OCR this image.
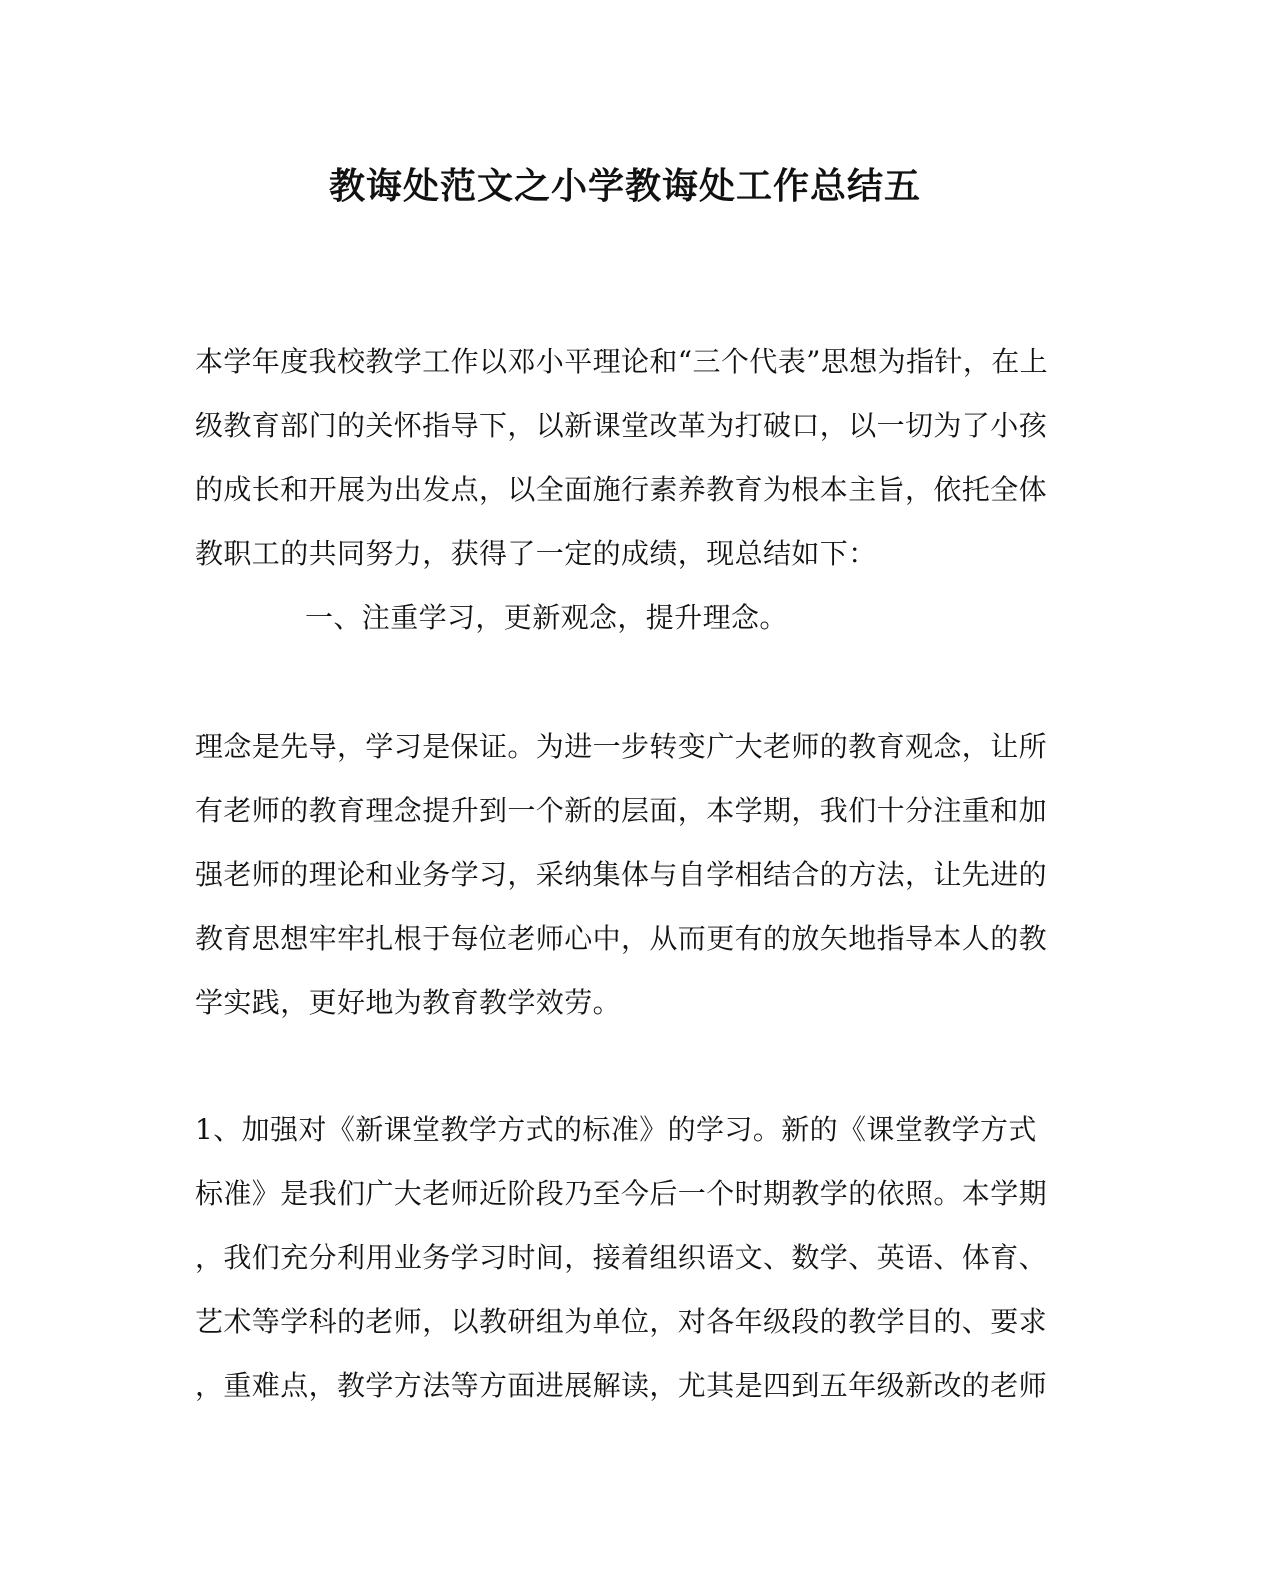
教诲处范文之小学教诲处工作总结五
本学年度我校教学工作以邓小平理论和“三个代表”思想为指针，在上
级教育部门的关怀指导下，以新课堂改革为打破口，以一切为了小孩
的成长和开展为出发点，以全面施行素养教育为根本主旨，依托全体
教职工的共同努力，获得了一定的成绩，现总结如下：
一、注重学习，更新观念，提升理念。
理念是先导，学习是保证。为进一步转变广大老师的教育观念，让所
有老师的教育理念提升到一个新的层面，本学期，我们十分注重和加
强老师的理论和业务学习，采纳集体与自学相结合的方法，让先进的
教育思想牢牢扎根于每位老师心中，从而更有的放矢地指导本人的教
学实践，更好地为教育教学效劳。
1、加强对《新课堂教学方式的标准》的学习。新的《课堂教学方式
标准》是我们广大老师近阶段乃至今后一个时期教学的依照。本学期
，我们充分利用业务学习时间，接着组织语文、数学、英语、体育、
艺术等学科的老师，以教研组为单位，对各年级段的教学目的、要求
，重难点，教学方法等方面进展解读，尤其是四到五年级新改的老师
